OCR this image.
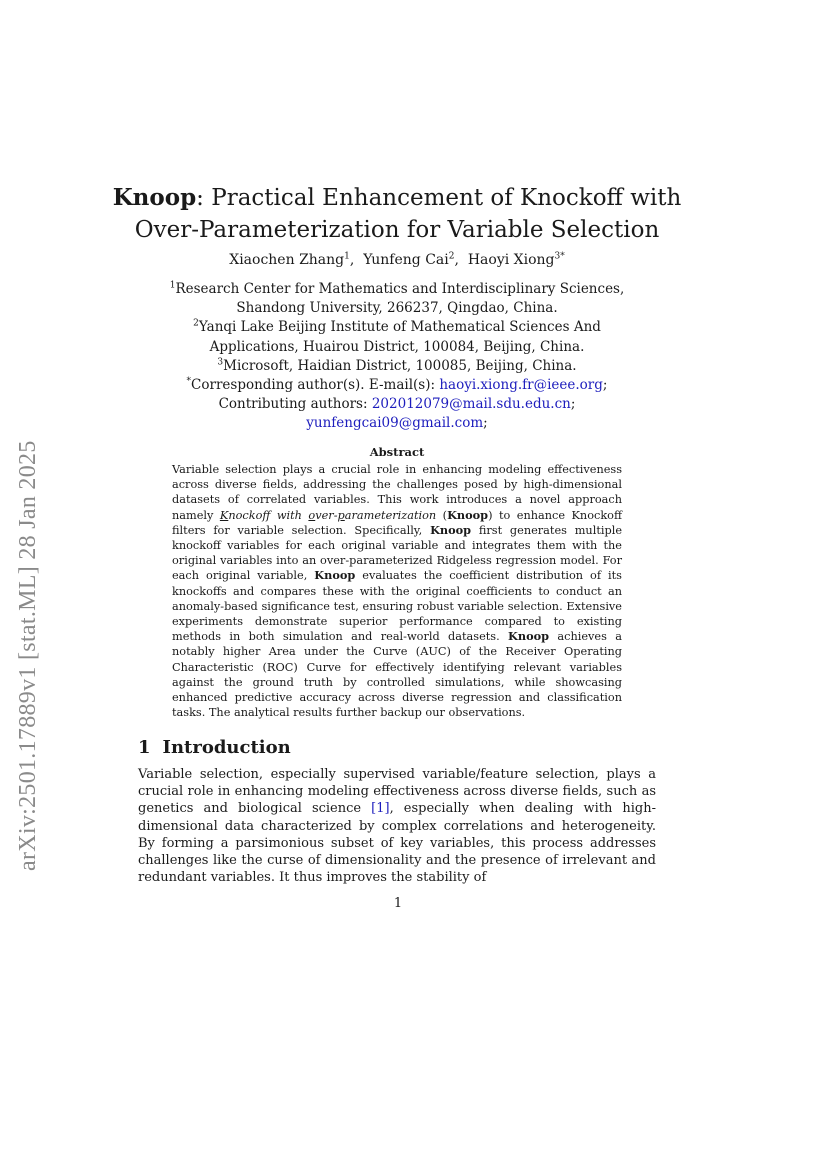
arXiv:2501.17889v1 [stat.ML] 28 Jan 2025
Knoop: Practical Enhancement of Knockoff with
Over-Parameterization for Variable Selection
Xiaochen Zhang$^1$,  Yunfeng Cai$^2$,  Haoyi Xiong$^{3*}$
$^1$Research Center for Mathematics and Interdisciplinary Sciences,
Shandong University, 266237, Qingdao, China.
$^2$Yanqi Lake Beijing Institute of Mathematical Sciences And
Applications, Huairou District, 100084, Beijing, China.
$^3$Microsoft, Haidian District, 100085, Beijing, China.
*Corresponding author(s). E-mail(s): haoyi.xiong.fr@ieee.org;
Contributing authors: 202012079@mail.sdu.edu.cn;
yunfengcai09@gmail.com;
Abstract

Variable selection plays a crucial role in enhancing modeling effectiveness across diverse fields, addressing the challenges posed by high-dimensional datasets of correlated variables. This work introduces a novel approach namely Knockoff with over-parameterization (Knoop) to enhance Knockoff filters for variable selection. Specifically, Knoop first generates multiple knockoff variables for each original variable and integrates them with the original variables into an over-parameterized Ridgeless regression model. For each original variable, Knoop evaluates the coefficient distribution of its knockoffs and compares these with the original coefficients to conduct an anomaly-based significance test, ensuring robust variable selection. Extensive experiments demonstrate superior performance compared to existing methods in both simulation and real-world datasets. Knoop achieves a notably higher Area under the Curve (AUC) of the Receiver Operating Characteristic (ROC) Curve for effectively identifying relevant variables against the ground truth by controlled simulations, while showcasing enhanced predictive accuracy across diverse regression and classification tasks. The analytical results further backup our observations.

1 Introduction

Variable selection, especially supervised variable/feature selection, plays a crucial role in enhancing modeling effectiveness across diverse fields, such as genetics and biological science [1], especially when dealing with high-dimensional data characterized by complex correlations and heterogeneity. By forming a parsimonious subset of key variables, this process addresses challenges like the curse of dimensionality and the presence of irrelevant and redundant variables. It thus improves the stability of

1
